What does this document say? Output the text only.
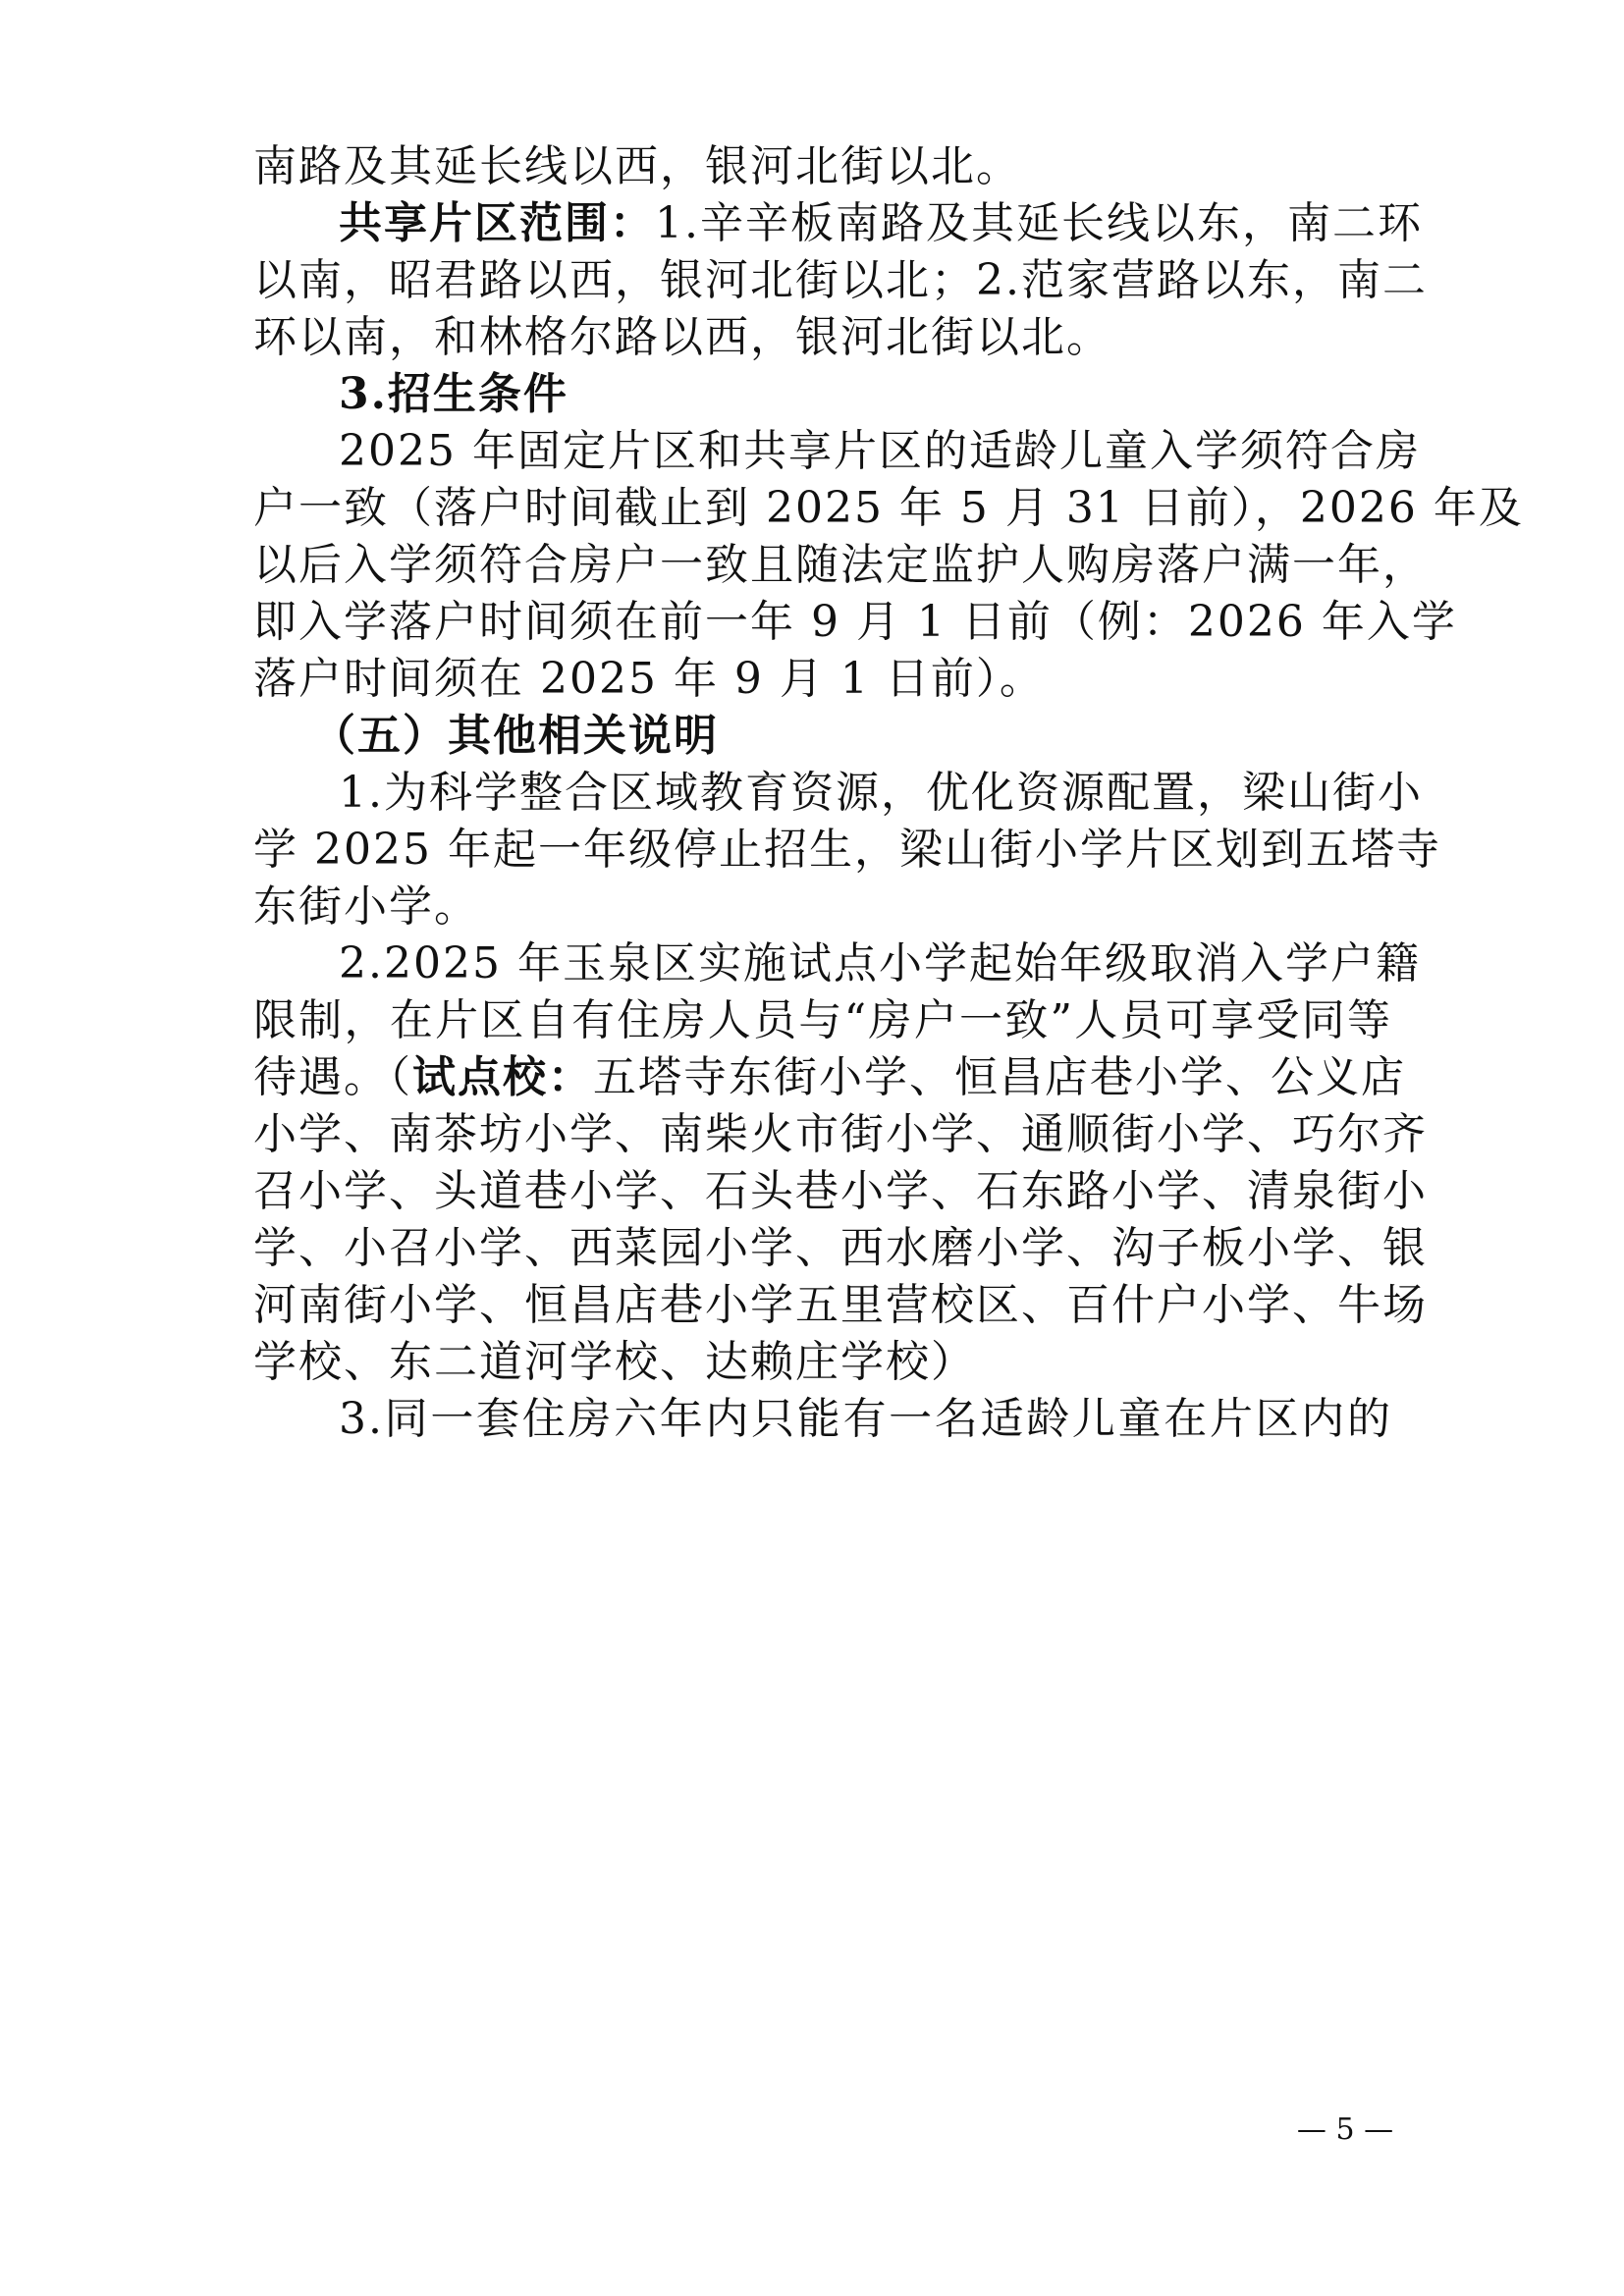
南路及其延长线以西，银河北街以北。
共享片区范围：1.辛辛板南路及其延长线以东，南二环
以南，昭君路以西，银河北街以北；2.范家营路以东，南二
环以南，和林格尔路以西，银河北街以北。
3.招生条件
2025 年固定片区和共享片区的适龄儿童入学须符合房
户一致（落户时间截止到 2025 年 5 月 31 日前），2026 年及
以后入学须符合房户一致且随法定监护人购房落户满一年，
即入学落户时间须在前一年 9 月 1 日前（例：2026 年入学
落户时间须在 2025 年 9 月 1 日前）。
（五）其他相关说明
1.为科学整合区域教育资源，优化资源配置，梁山街小
学 2025 年起一年级停止招生，梁山街小学片区划到五塔寺
东街小学。
2.2025 年玉泉区实施试点小学起始年级取消入学户籍
限制，在片区自有住房人员与“房户一致”人员可享受同等
待遇。（试点校：五塔寺东街小学、恒昌店巷小学、公义店
小学、南茶坊小学、南柴火市街小学、通顺街小学、巧尔齐
召小学、头道巷小学、石头巷小学、石东路小学、清泉街小
学、小召小学、西菜园小学、西水磨小学、沟子板小学、银
河南街小学、恒昌店巷小学五里营校区、百什户小学、牛场
学校、东二道河学校、达赖庄学校）
3.同一套住房六年内只能有一名适龄儿童在片区内的
— 5 —
